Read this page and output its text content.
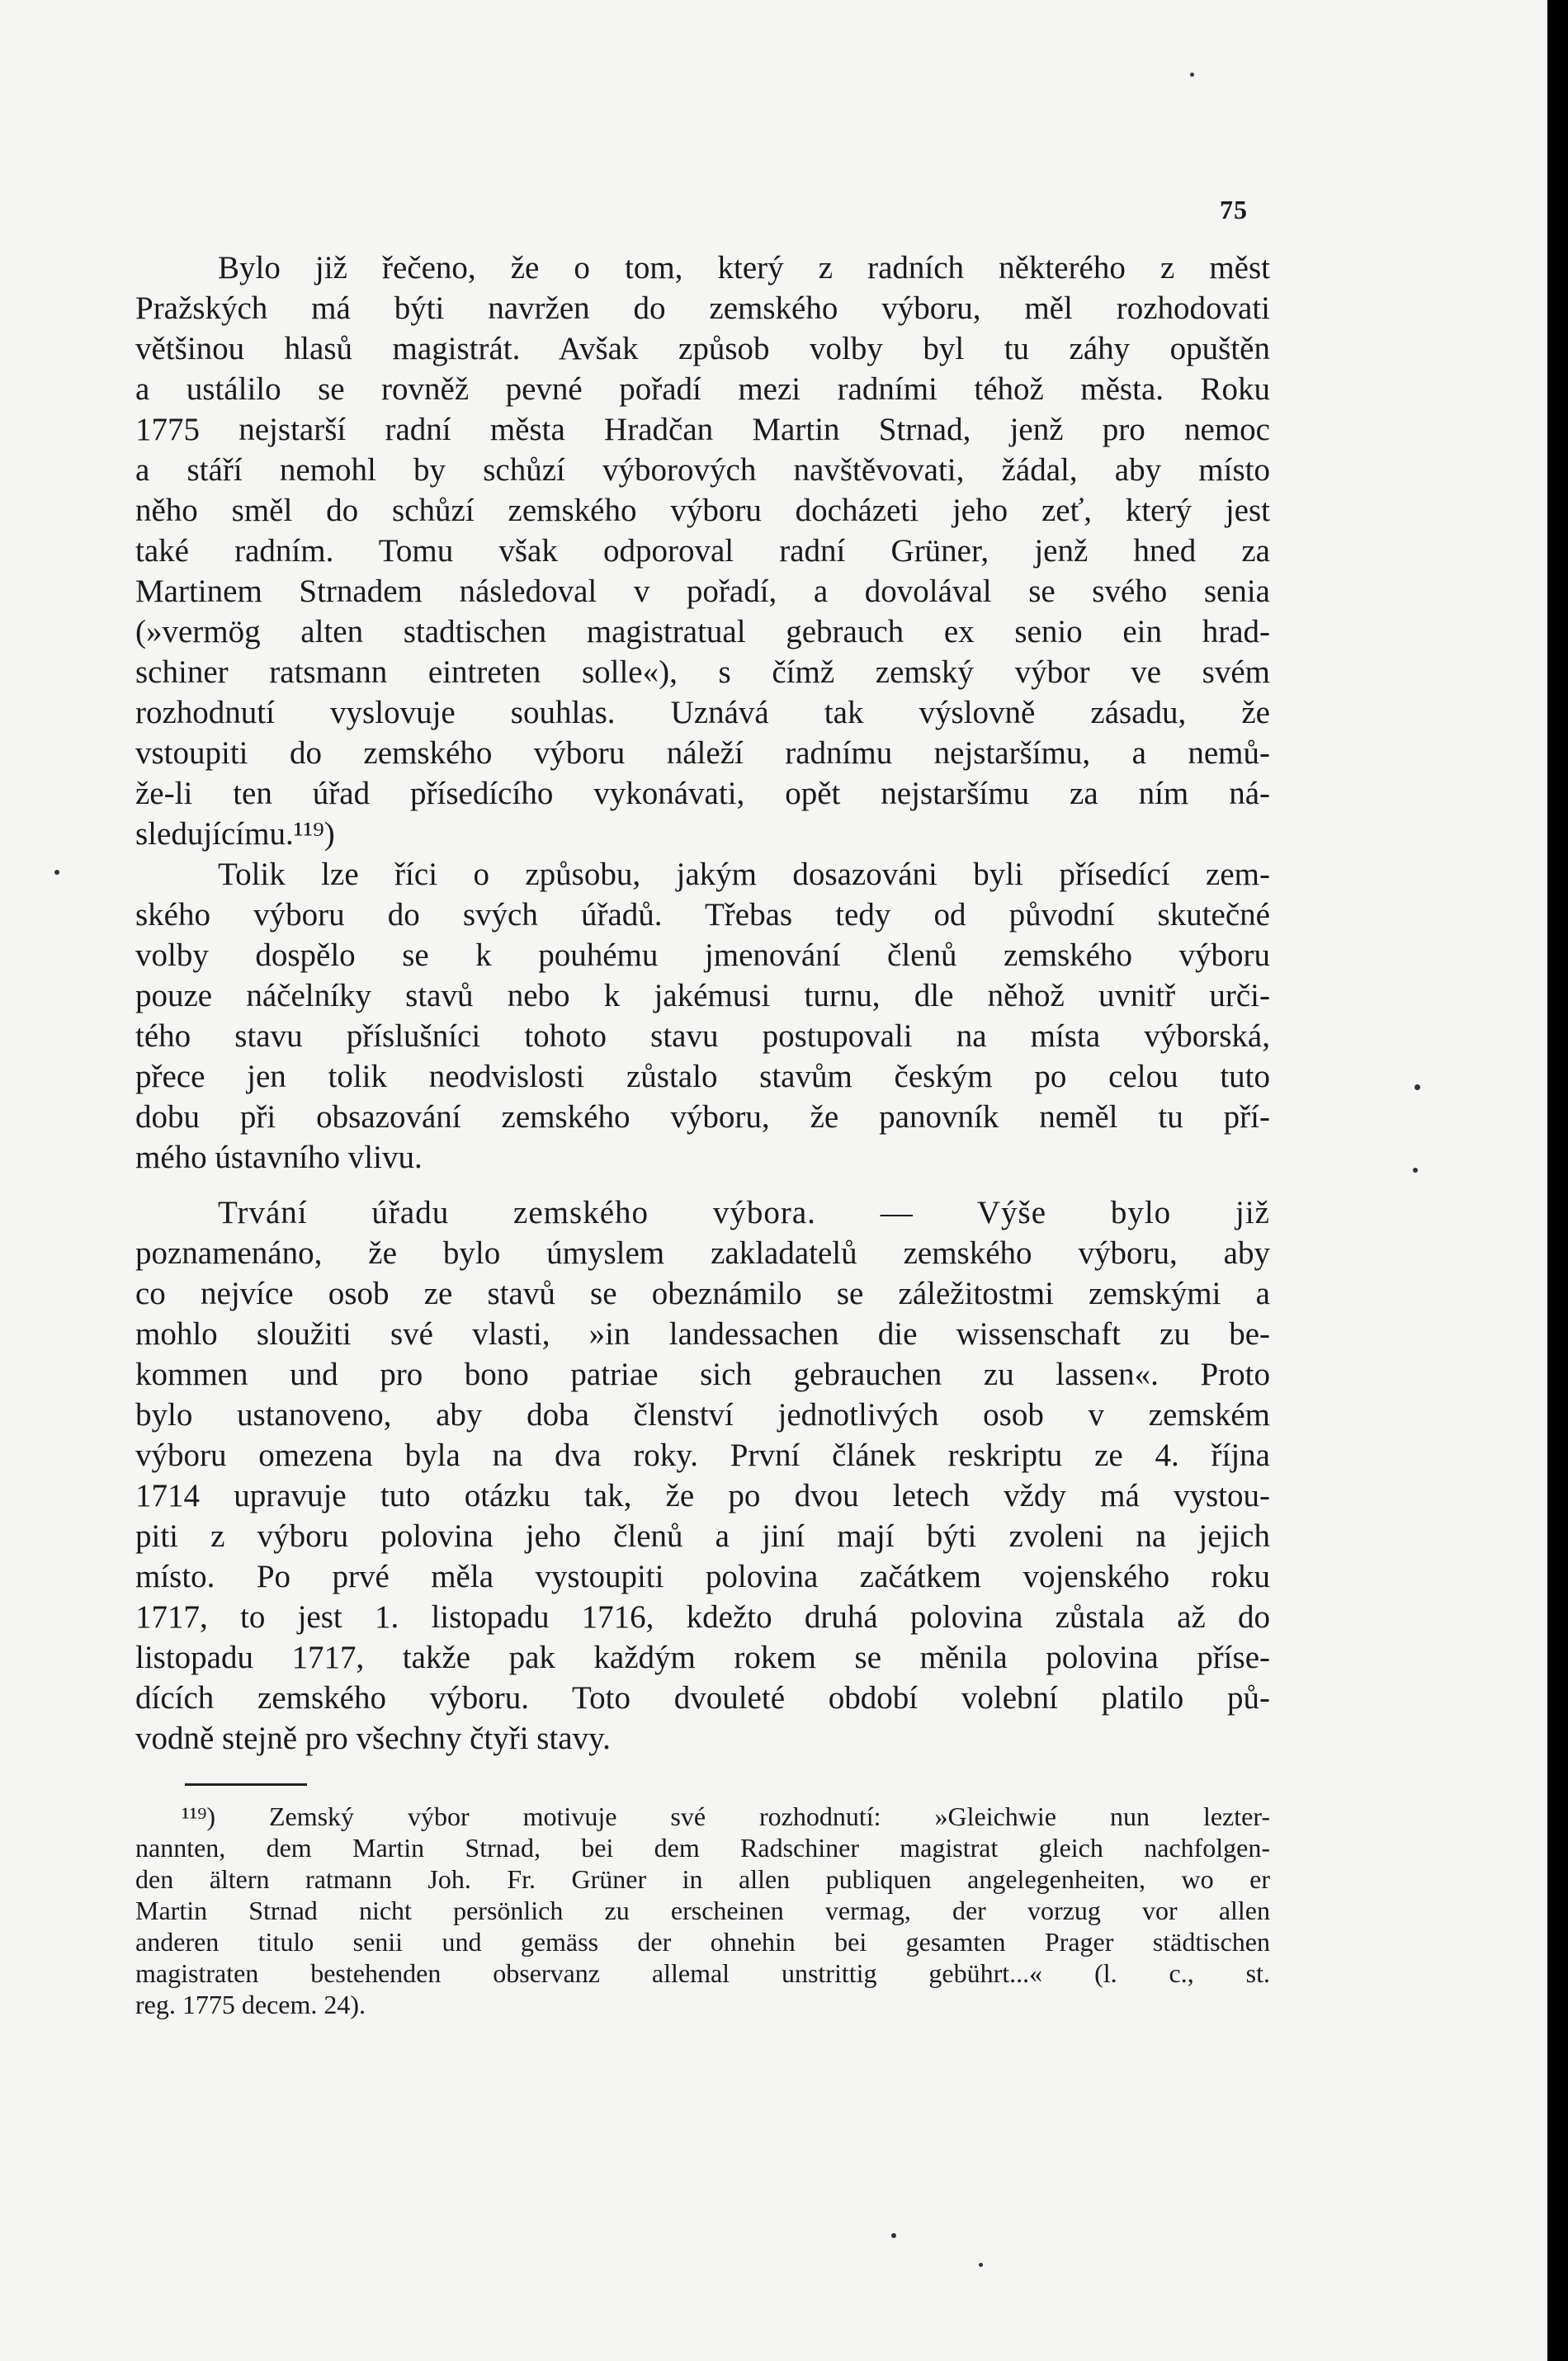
75
Bylo již řečeno, že o tom, který z radních některého z měst
Pražských má býti navržen do zemského výboru, měl rozhodovati
většinou hlasů magistrát. Avšak způsob volby byl tu záhy opuštěn
a ustálilo se rovněž pevné pořadí mezi radními téhož města. Roku
1775 nejstarší radní města Hradčan Martin Strnad, jenž pro nemoc
a stáří nemohl by schůzí výborových navštěvovati, žádal, aby místo
něho směl do schůzí zemského výboru docházeti jeho zeť, který jest
také radním. Tomu však odporoval radní Grüner, jenž hned za
Martinem Strnadem následoval v pořadí, a dovolával se svého senia
(»vermög alten stadtischen magistratual gebrauch ex senio ein hrad-
schiner ratsmann eintreten solle«), s čímž zemský výbor ve svém
rozhodnutí vyslovuje souhlas. Uznává tak výslovně zásadu, že
vstoupiti do zemského výboru náleží radnímu nejstaršímu, a nemů-
že-li ten úřad přísedícího vykonávati, opět nejstaršímu za ním ná-
sledujícímu.¹¹⁹)
Tolik lze říci o způsobu, jakým dosazováni byli přísedící zem-
ského výboru do svých úřadů. Třebas tedy od původní skutečné
volby dospělo se k pouhému jmenování členů zemského výboru
pouze náčelníky stavů nebo k jakémusi turnu, dle něhož uvnitř urči-
tého stavu příslušníci tohoto stavu postupovali na místa výborská,
přece jen tolik neodvislosti zůstalo stavům českým po celou tuto
dobu při obsazování zemského výboru, že panovník neměl tu pří-
mého ústavního vlivu.
Trvání úřadu zemského výbora. — Výše bylo již
poznamenáno, že bylo úmyslem zakladatelů zemského výboru, aby
co nejvíce osob ze stavů se obeznámilo se záležitostmi zemskými a
mohlo sloužiti své vlasti, »in landessachen die wissenschaft zu be-
kommen und pro bono patriae sich gebrauchen zu lassen«. Proto
bylo ustanoveno, aby doba členství jednotlivých osob v zemském
výboru omezena byla na dva roky. První článek reskriptu ze 4. října
1714 upravuje tuto otázku tak, že po dvou letech vždy má vystou-
piti z výboru polovina jeho členů a jiní mají býti zvoleni na jejich
místo. Po prvé měla vystoupiti polovina začátkem vojenského roku
1717, to jest 1. listopadu 1716, kdežto druhá polovina zůstala až do
listopadu 1717, takže pak každým rokem se měnila polovina příse-
dících zemského výboru. Toto dvouleté období volební platilo pů-
vodně stejně pro všechny čtyři stavy.
¹¹⁹) Zemský výbor motivuje své rozhodnutí: »Gleichwie nun lezter-
nannten, dem Martin Strnad, bei dem Radschiner magistrat gleich nachfolgen-
den ältern ratmann Joh. Fr. Grüner in allen publiquen angelegenheiten, wo er
Martin Strnad nicht persönlich zu erscheinen vermag, der vorzug vor allen
anderen titulo senii und gemäss der ohnehin bei gesamten Prager städtischen
magistraten bestehenden observanz allemal unstrittig gebührt...« (l. c., st.
reg. 1775 decem. 24).
